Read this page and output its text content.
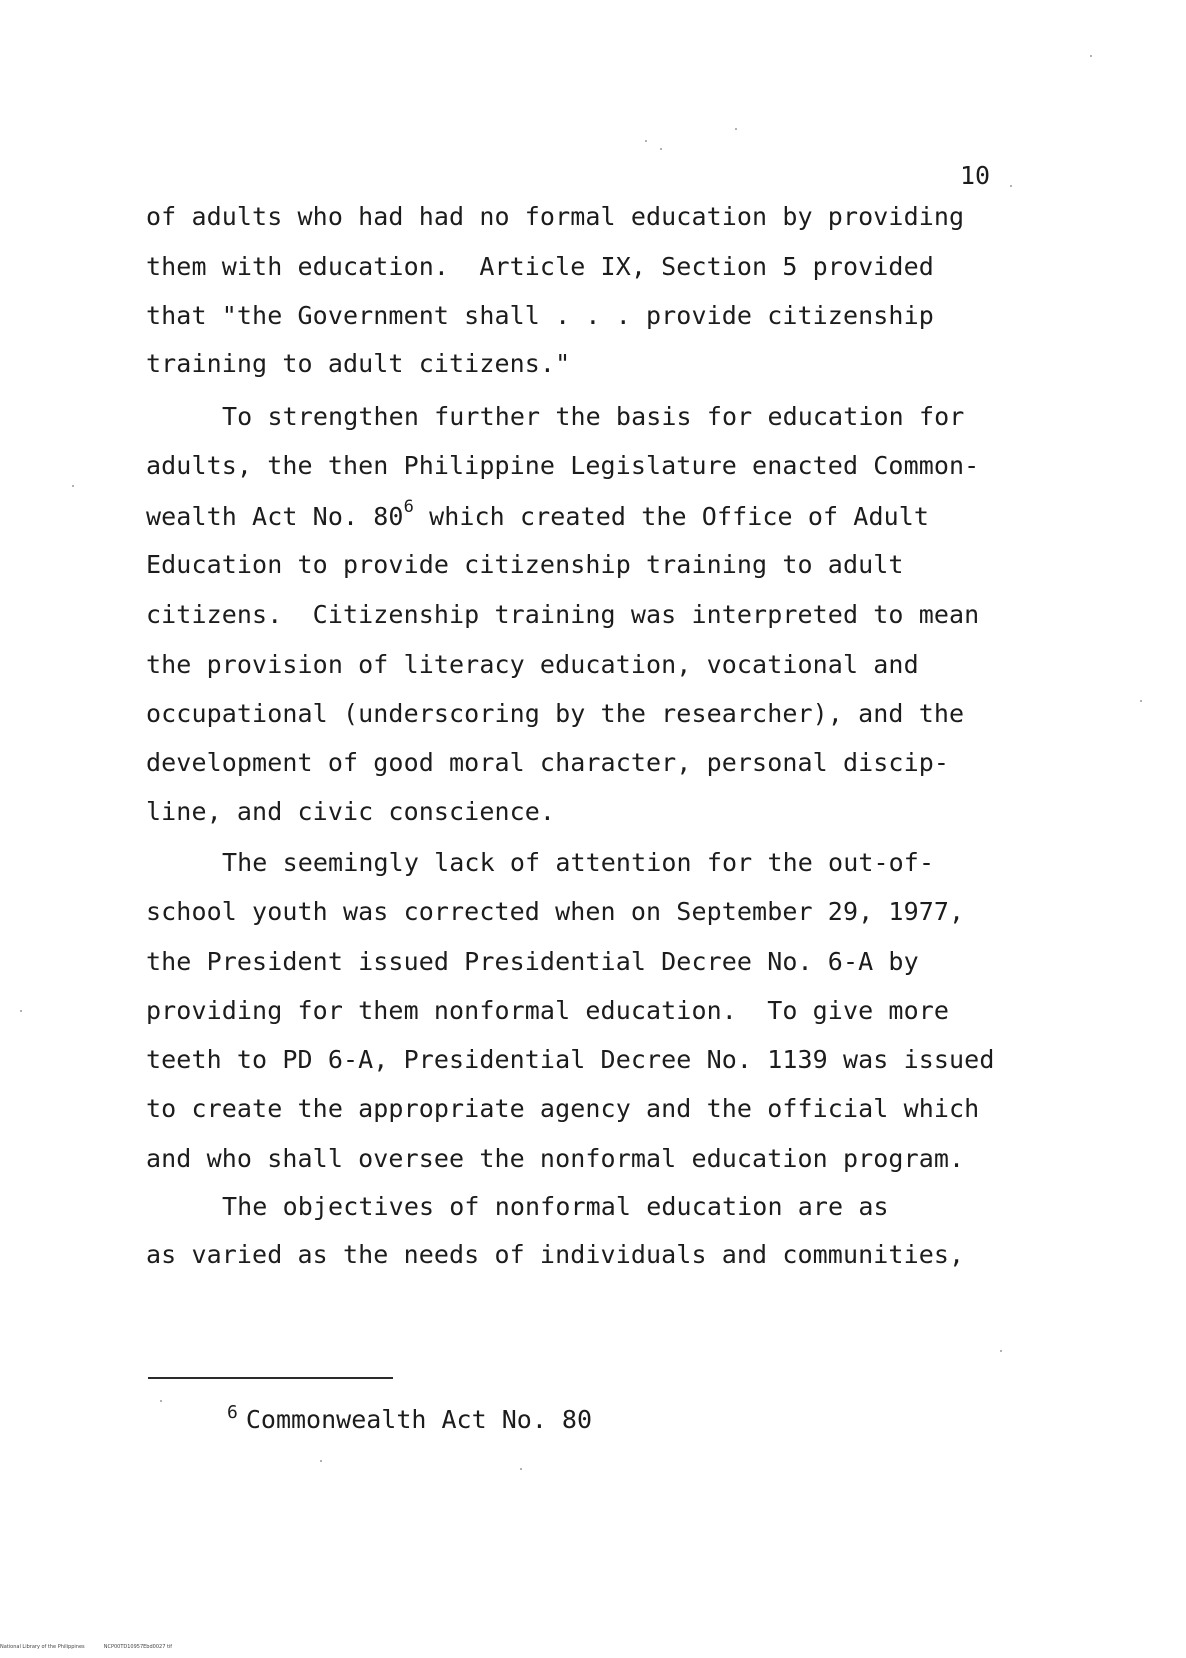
10
of adults who had had no formal education by providing
them with education.  Article IX, Section 5 provided
that "the Government shall . . . provide citizenship
training to adult citizens."
To strengthen further the basis for education for
adults, the then Philippine Legislature enacted Common-
wealth Act No. $80^6$ which created the Office of Adult
Education to provide citizenship training to adult
citizens.  Citizenship training was interpreted to mean
the provision of literacy education, vocational and
occupational (underscoring by the researcher), and the
development of good moral character, personal discip-
line, and civic conscience.
The seemingly lack of attention for the out-of-
school youth was corrected when on September 29, 1977,
the President issued Presidential Decree No. 6-A by
providing for them nonformal education.  To give more
teeth to PD 6-A, Presidential Decree No. 1139 was issued
to create the appropriate agency and the official which
and who shall oversee the nonformal education program.
The objectives of nonformal education are as
as varied as the needs of individuals and communities,
$^6$ Commonwealth Act No. 80
National Library of the Philippines	NCP00TD10957Ebd0027 tif
